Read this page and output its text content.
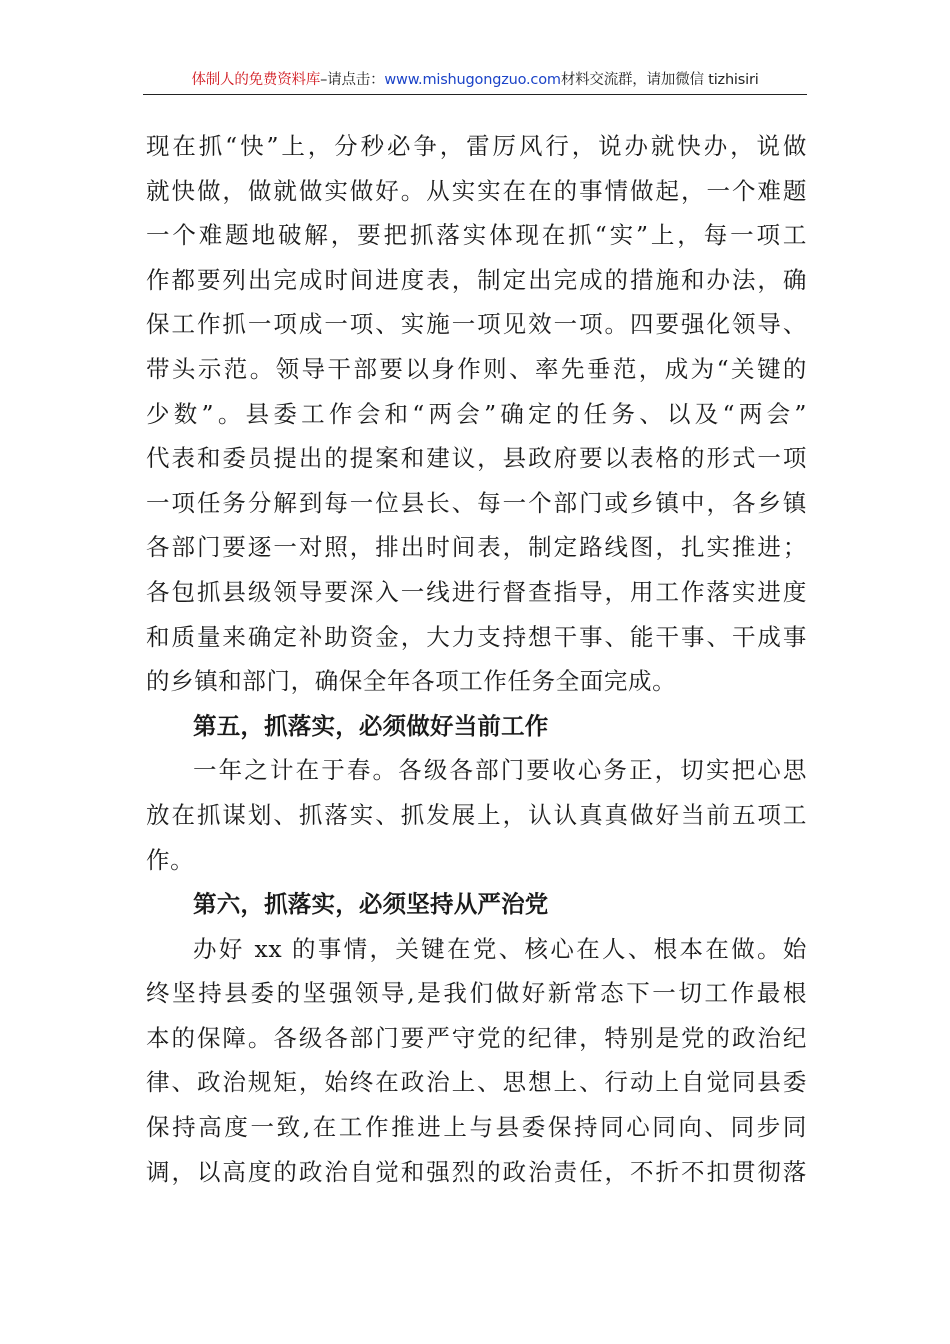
体制人的免费资料库–请点击：www.mishugongzuo.com材料交流群，请加微信 tizhisiri
现在抓“快”上，分秒必争，雷厉风行，说办就快办，说做
就快做，做就做实做好。从实实在在的事情做起，一个难题
一个难题地破解，要把抓落实体现在抓“实”上，每一项工
作都要列出完成时间进度表，制定出完成的措施和办法，确
保工作抓一项成一项、实施一项见效一项。四要强化领导、
带头示范。领导干部要以身作则、率先垂范，成为“关键的
少数”。县委工作会和“两会”确定的任务、以及“两会”
代表和委员提出的提案和建议，县政府要以表格的形式一项
一项任务分解到每一位县长、每一个部门或乡镇中，各乡镇
各部门要逐一对照，排出时间表，制定路线图，扎实推进；
各包抓县级领导要深入一线进行督查指导，用工作落实进度
和质量来确定补助资金，大力支持想干事、能干事、干成事
的乡镇和部门，确保全年各项工作任务全面完成。
第五，抓落实，必须做好当前工作
一年之计在于春。各级各部门要收心务正，切实把心思
放在抓谋划、抓落实、抓发展上，认认真真做好当前五项工
作。
第六，抓落实，必须坚持从严治党
办好 xx 的事情，关键在党、核心在人、根本在做。始
终坚持县委的坚强领导,是我们做好新常态下一切工作最根
本的保障。各级各部门要严守党的纪律，特别是党的政治纪
律、政治规矩，始终在政治上、思想上、行动上自觉同县委
保持高度一致,在工作推进上与县委保持同心同向、同步同
调，以高度的政治自觉和强烈的政治责任，不折不扣贯彻落
